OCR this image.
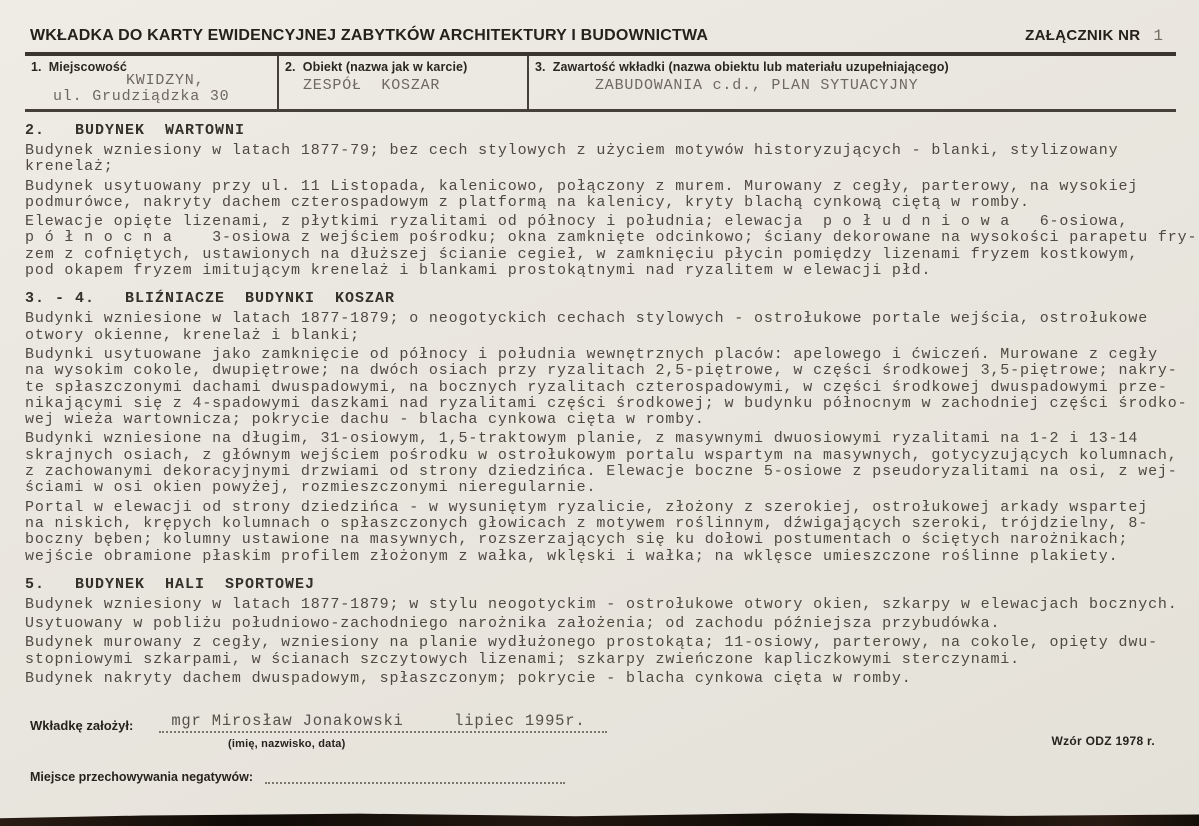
WKŁADKA DO KARTY EWIDENCYJNEJ ZABYTKÓW ARCHITEKTURY I BUDOWNICTWA	ZAŁĄCZNIK NR 1
1.  Miejscowość
KWIDZYN,
ul. Grudziądzka 30
2.  Obiekt (nazwa jak w karcie)
ZESPÓŁ  KOSZAR
3.  Zawartość wkładki (nazwa obiektu lub materiału uzupełniającego)
ZABUDOWANIA c.d., PLAN SYTUACYJNY
2.   BUDYNEK  WARTOWNI
Budynek wzniesiony w latach 1877-79; bez cech stylowych z użyciem motywów historyzujących - blanki, stylizowany
krenelaż;
Budynek usytuowany przy ul. 11 Listopada, kalenicowo, połączony z murem. Murowany z cegły, parterowy, na wysokiej
podmurówce, nakryty dachem czterospadowym z platformą na kalenicy, kryty blachą cynkową ciętą w romby.
Elewacje opięte lizenami, z płytkimi ryzalitami od północy i południa; elewacja  p o ł u d n i o w a   6-osiowa,
p ó ł n o c n a    3-osiowa z wejściem pośrodku; okna zamknięte odcinkowo; ściany dekorowane na wysokości parapetu fry-
zem z cofniętych, ustawionych na dłuższej ścianie cegieł, w zamknięciu płycin pomiędzy lizenami fryzem kostkowym,
pod okapem fryzem imitującym krenelaż i blankami prostokątnymi nad ryzalitem w elewacji płd.
3. - 4.   BLIŹNIACZE  BUDYNKI  KOSZAR
Budynki wzniesione w latach 1877-1879; o neogotyckich cechach stylowych - ostrołukowe portale wejścia, ostrołukowe
otwory okienne, krenelaż i blanki;
Budynki usytuowane jako zamknięcie od północy i południa wewnętrznych placów: apelowego i ćwiczeń. Murowane z cegły
na wysokim cokole, dwupiętrowe; na dwóch osiach przy ryzalitach 2,5-piętrowe, w części środkowej 3,5-piętrowe; nakry-
te spłaszczonymi dachami dwuspadowymi, na bocznych ryzalitach czterospadowymi, w części środkowej dwuspadowymi prze-
nikającymi się z 4-spadowymi daszkami nad ryzalitami części środkowej; w budynku północnym w zachodniej części środko-
wej wieża wartownicza; pokrycie dachu - blacha cynkowa cięta w romby.
Budynki wzniesione na długim, 31-osiowym, 1,5-traktowym planie, z masywnymi dwuosiowymi ryzalitami na 1-2 i 13-14
skrajnych osiach, z głównym wejściem pośrodku w ostrołukowym portalu wspartym na masywnych, gotycyzujących kolumnach,
z zachowanymi dekoracyjnymi drzwiami od strony dziedzińca. Elewacje boczne 5-osiowe z pseudoryzalitami na osi, z wej-
ściami w osi okien powyżej, rozmieszczonymi nieregularnie.
Portal w elewacji od strony dziedzińca - w wysuniętym ryzalicie, złożony z szerokiej, ostrołukowej arkady wspartej
na niskich, krępych kolumnach o spłaszczonych głowicach z motywem roślinnym, dźwigających szeroki, trójdzielny, 8-
boczny bęben; kolumny ustawione na masywnych, rozszerzających się ku dołowi postumentach o ściętych narożnikach;
wejście obramione płaskim profilem złożonym z wałka, wklęski i wałka; na wklęsce umieszczone roślinne plakiety.
5.   BUDYNEK  HALI  SPORTOWEJ
Budynek wzniesiony w latach 1877-1879; w stylu neogotyckim - ostrołukowe otwory okien, szkarpy w elewacjach bocznych.
Usytuowany w pobliżu południowo-zachodniego narożnika założenia; od zachodu późniejsza przybudówka.
Budynek murowany z cegły, wzniesiony na planie wydłużonego prostokąta; 11-osiowy, parterowy, na cokole, opięty dwu-
stopniowymi szkarpami, w ścianach szczytowych lizenami; szkarpy zwieńczone kapliczkowymi sterczynami.
Budynek nakryty dachem dwuspadowym, spłaszczonym; pokrycie - blacha cynkowa cięta w romby.
Wkładkę założył:	mgr Mirosław Jonakowski     lipiec 1995r.
(imię, nazwisko, data)
Miejsce przechowywania negatywów:
Wzór ODZ 1978 r.
